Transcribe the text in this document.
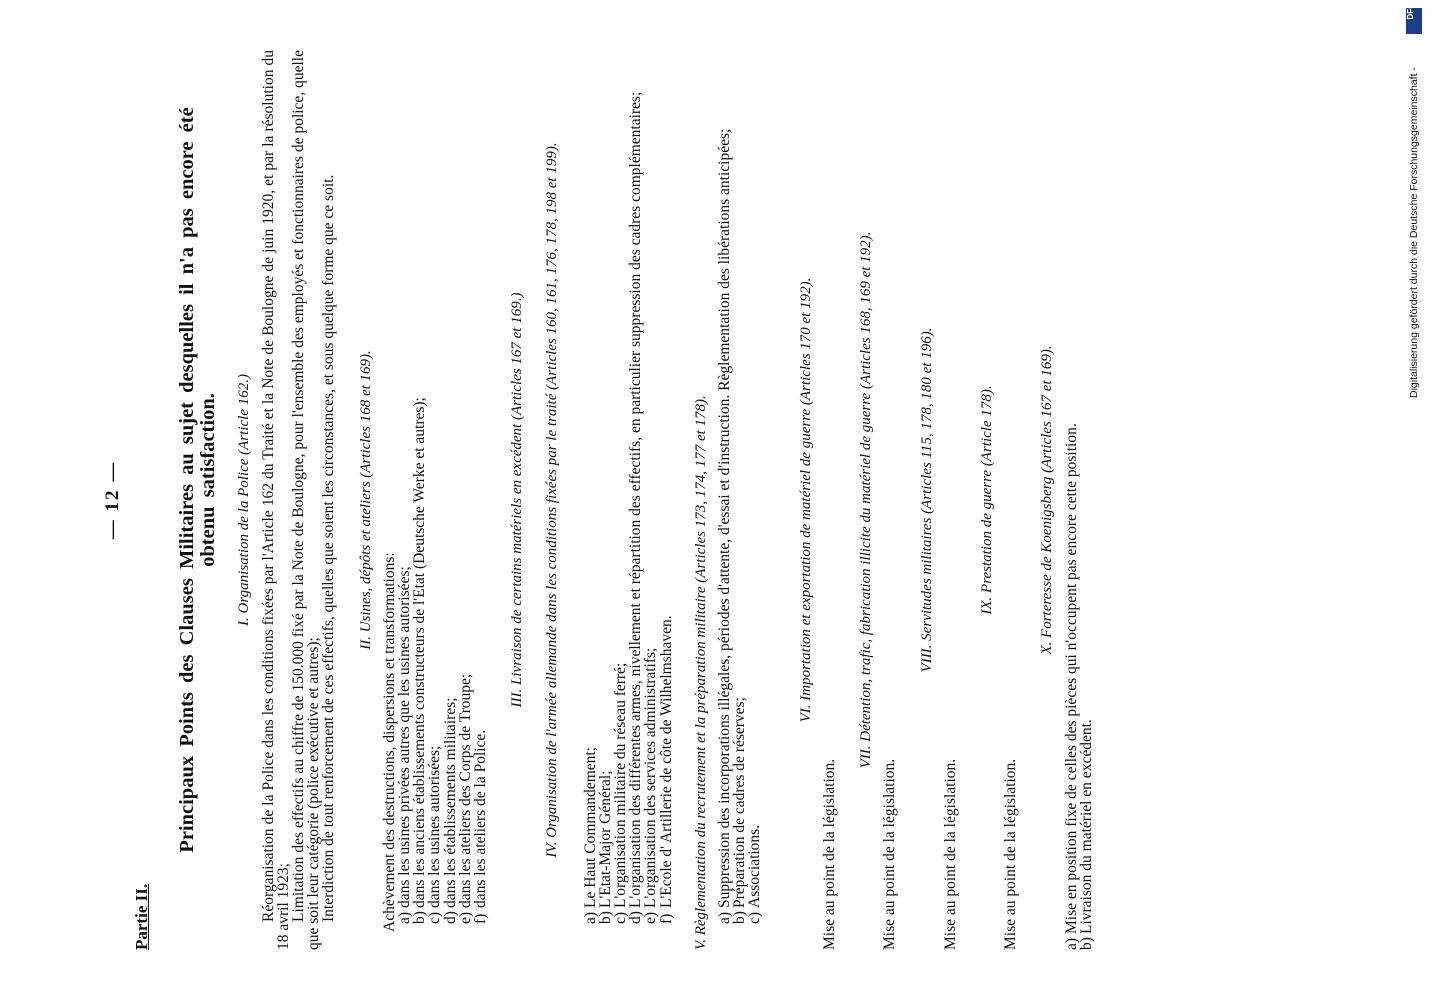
— 12 —
Partie II.
Principaux Points des Clauses Militaires au sujet desquelles il n'a pas encore été obtenu satisfaction. I. Organisation de la Police (Article 162.) Réorganisation de la Police dans les conditions fixées par l'Article 162 du Traité et la Note de Boulogne de juin 1920, et par la résolution du 18 avril 1923;

Limitation des effectifs au chiffre de 150.000 fixé par la Note de Boulogne, pour l'ensemble des employés et fonctionnaires de police, quelle que soit leur catégorie (police exécutive et autres);

Interdiction de tout renforcement de ces effectifs, quelles que soient les circonstances, et sous quelque forme que ce soit. II. Usines, dépôts et ateliers (Articles 168 et 169).

Achèvement des destructions, dispersions et transformations:

a)
dans les usines privées autres que les usines autorisées;
b)
dans les anciens établissements constructeurs de l'Etat (Deutsche Werke et autres);
c)
dans les usines autorisées;
d)
dans les établissements militaires;
e)
dans les ateliers des Corps de Troupe;
f)
dans les ateliers de la Police.
III. Livraison de certains matériels en excédent (Articles 167 et 169.) IV. Organisation de l'armée allemande dans les conditions fixées par le traité (Articles 160, 161, 176, 178, 198 et 199).
a)
Le Haut Commandement;
b)
L'Etat-Major Général;
c)
L'organisation militaire du réseau ferré;
d)
L'organisation des différentes armes, nivellement et répartition des effectifs, en particulier suppression des cadres complémentaires;
e)
L'organisation des services administratifs;
f)
L'Ecole d' Artillerie de côte de Wilhelmshaven. V. Règlementation du recrutement et la préparation militaire (Articles 173, 174, 177 et 178). a)
Suppression des incorporations illégales, périodes d'attente, d'essai et d'instruction. Règlementation des libérations anticipées;
b)
Préparation de cadres de réserves;
c)
Associations.
VI. Importation et exportation de matériel de guerre (Articles 170 et 192).

Mise au point de la législation.

VII. Détention, trafic, fabrication illicite du matériel de guerre (Articles 168, 169 et 192).

Mise au point de la législation.

VIII. Servitudes militaires (Articles 115, 178, 180 et 196).

Mise au point de la législation.

IX. Prestation de guerre (Article 178).

Mise au point de la législation.

X. Forteresse de Koenigsberg (Articles 167 et 169).
a)
Mise en position fixe de celles des pièces qui n'occupent pas encore cette position.
b)
Livraison du matériel en excédent.
DFG
Digitalisierung gefördert durch die Deutsche Forschungsgemeinschaft -
